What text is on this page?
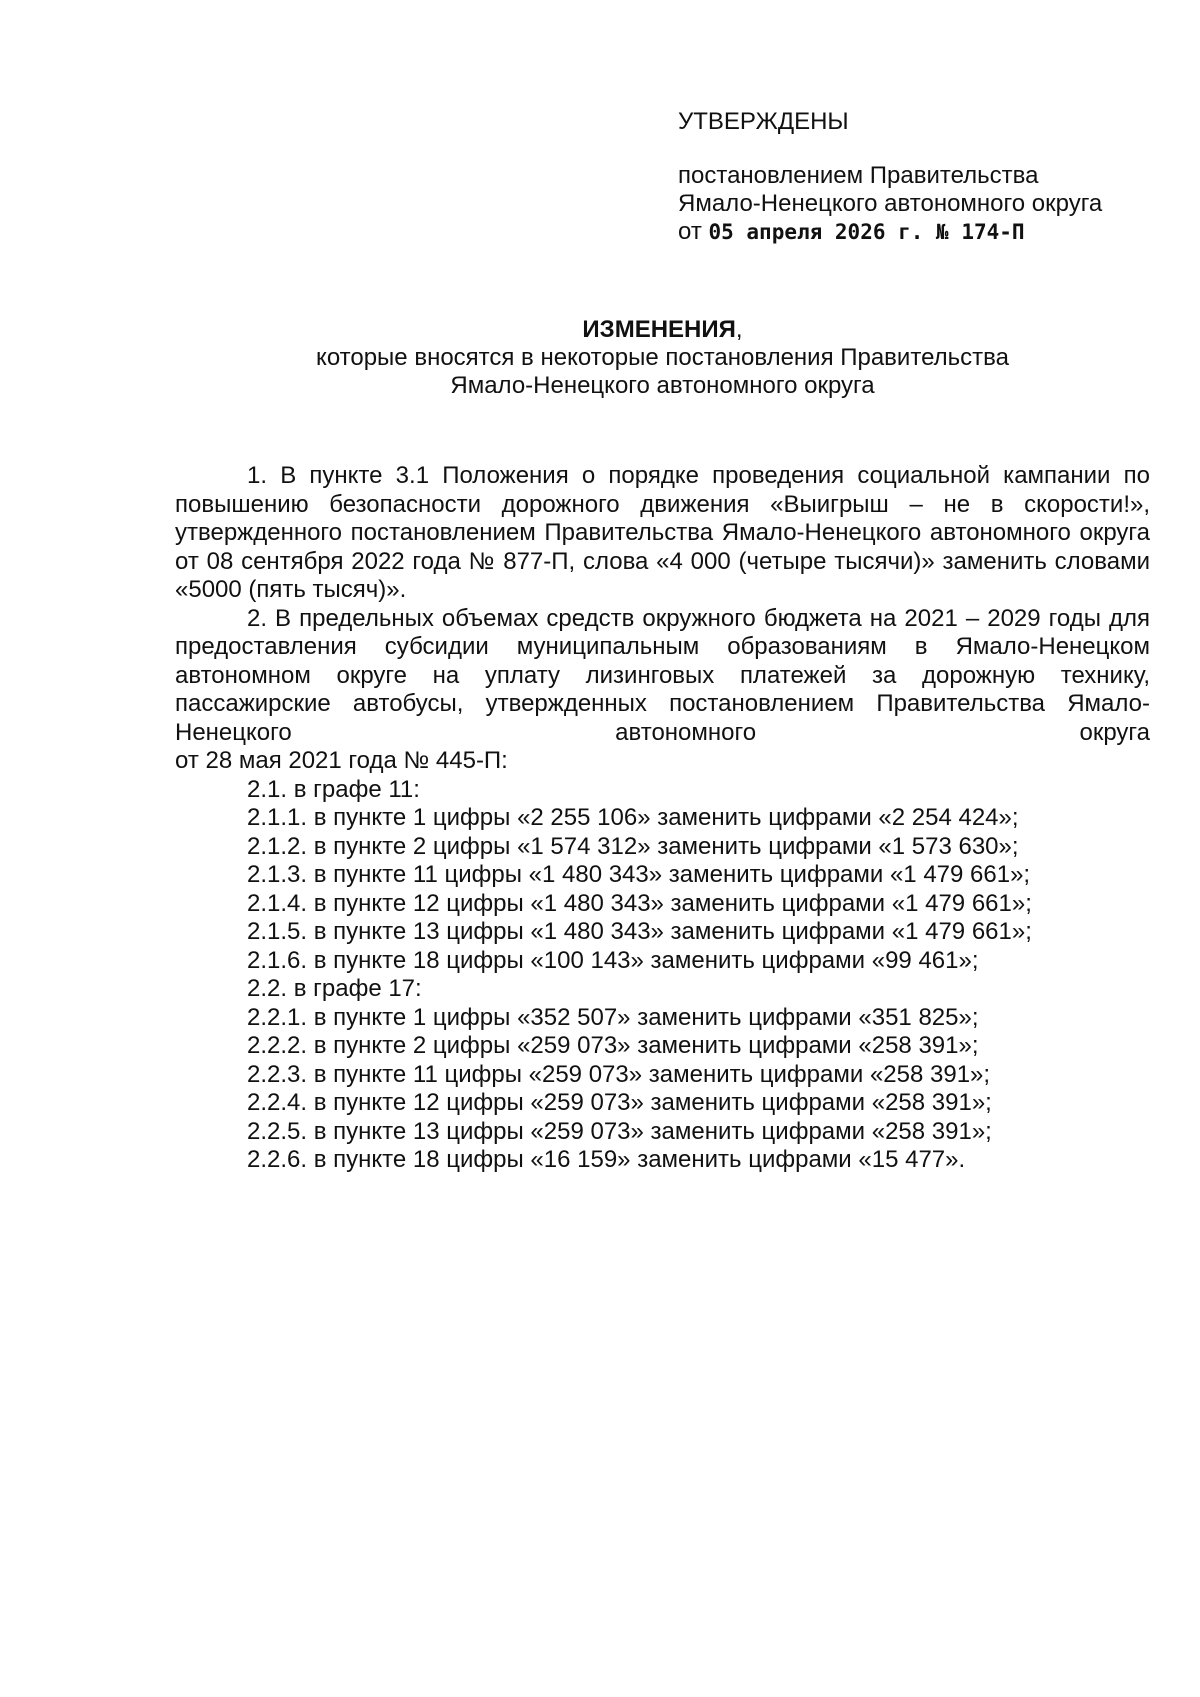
УТВЕРЖДЕНЫ
постановлением Правительства
Ямало-Ненецкого автономного округа
от 05 апреля 2026 г. № 174-П
ИЗМЕНЕНИЯ,
которые вносятся в некоторые постановления Правительства
Ямало-Ненецкого автономного округа

1. В пункте 3.1 Положения о порядке проведения социальной кампании по повышению безопасности дорожного движения «Выигрыш – не в скорости!», утвержденного постановлением Правительства Ямало-Ненецкого автономного округа от 08 сентября 2022 года № 877-П, слова «4 000 (четыре тысячи)» заменить словами «5000 (пять тысяч)».

2. В предельных объемах средств окружного бюджета на 2021 – 2029 годы для предоставления субсидии муниципальным образованиям в Ямало-Ненецком автономном округе на уплату лизинговых платежей за дорожную технику, пассажирские автобусы, утвержденных постановлением Правительства Ямало-Ненецкого автономного округа

от 28 мая 2021 года № 445-П:
2.1. в графе 11:
2.1.1. в пункте 1 цифры «2 255 106» заменить цифрами «2 254 424»;
2.1.2. в пункте 2 цифры «1 574 312» заменить цифрами «1 573 630»;
2.1.3. в пункте 11 цифры «1 480 343» заменить цифрами «1 479 661»;
2.1.4. в пункте 12 цифры «1 480 343» заменить цифрами «1 479 661»;
2.1.5. в пункте 13 цифры «1 480 343» заменить цифрами «1 479 661»;
2.1.6. в пункте 18 цифры «100 143» заменить цифрами «99 461»;
2.2. в графе 17:
2.2.1. в пункте 1 цифры «352 507» заменить цифрами «351 825»;
2.2.2. в пункте 2 цифры «259 073» заменить цифрами «258 391»;
2.2.3. в пункте 11 цифры «259 073» заменить цифрами «258 391»;
2.2.4. в пункте 12 цифры «259 073» заменить цифрами «258 391»;
2.2.5. в пункте 13 цифры «259 073» заменить цифрами «258 391»;
2.2.6. в пункте 18 цифры «16 159» заменить цифрами «15 477».
